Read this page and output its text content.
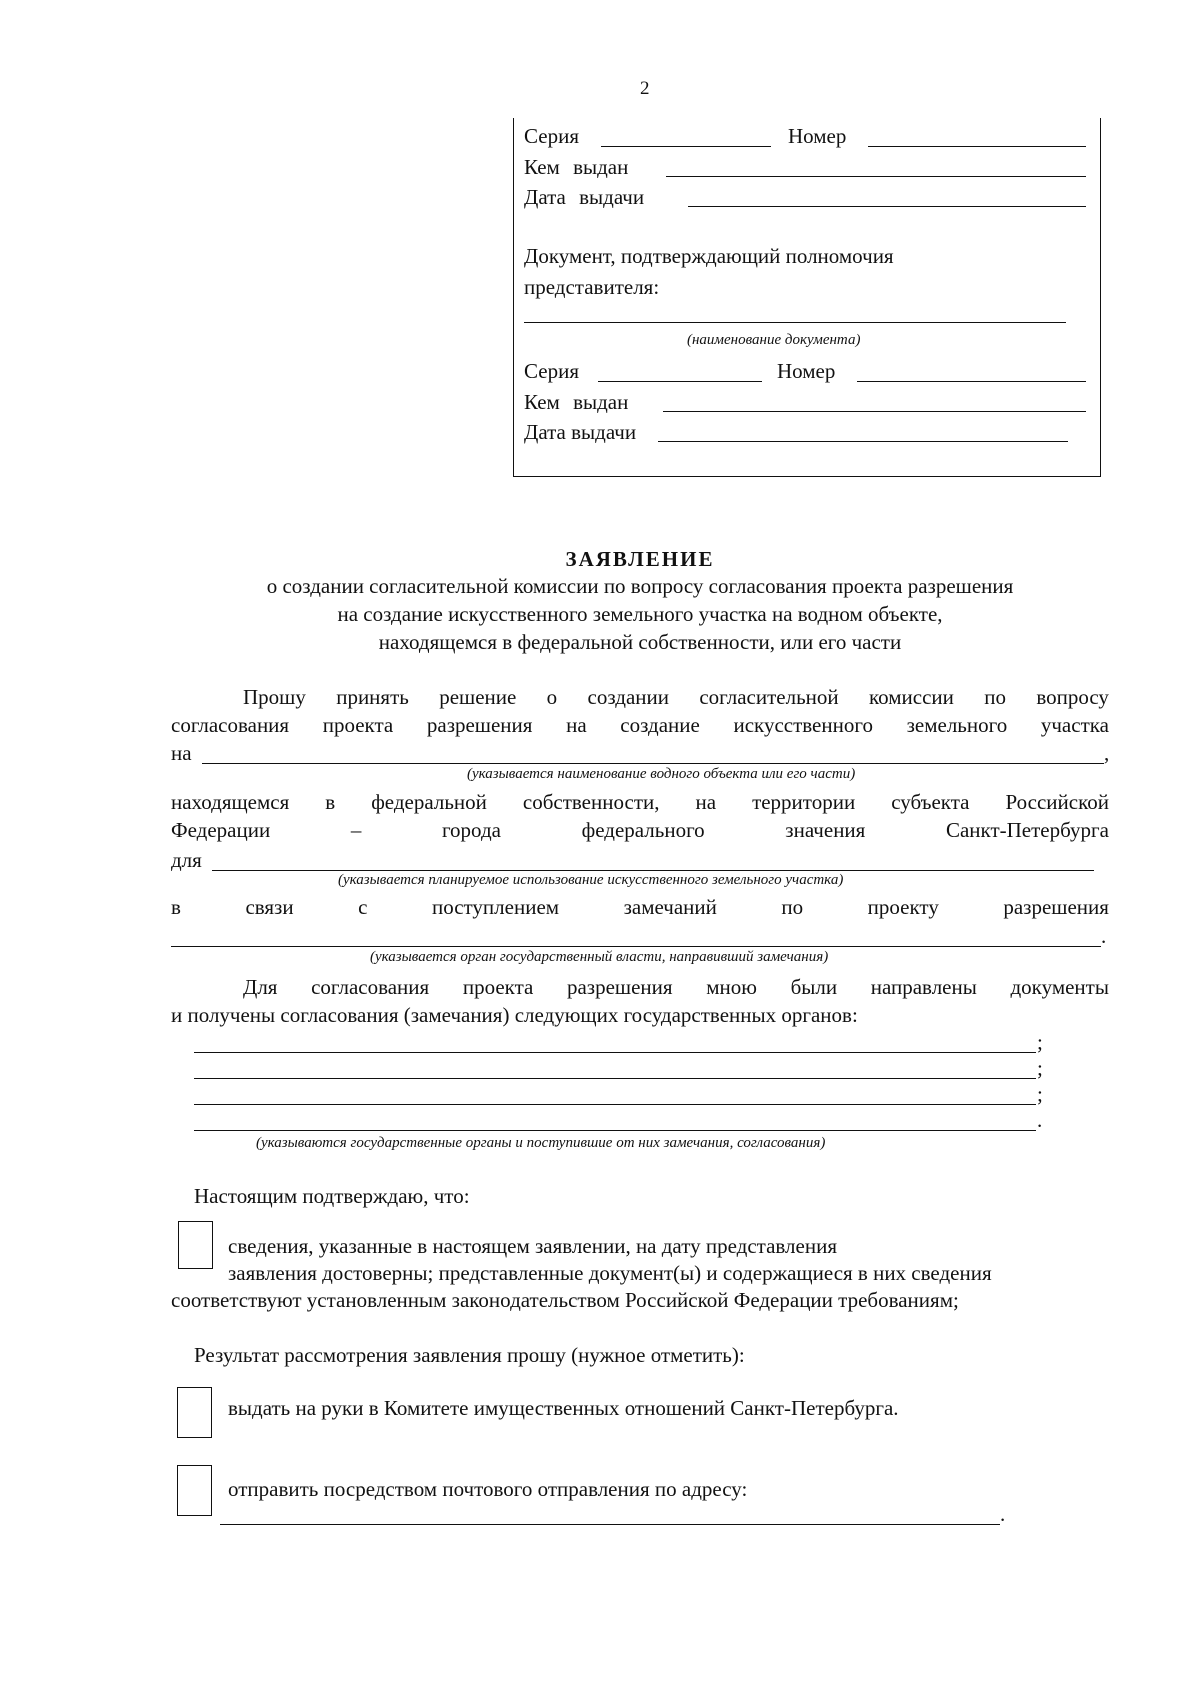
2
Серия	Номер
Кем выдан
Дата выдачи
Документ, подтверждающий полномочия
представителя:
(наименование документа)
Серия	Номер
Кем выдан
Дата выдачи
ЗАЯВЛЕНИЕ
о создании согласительной комиссии по вопросу согласования проекта разрешения
на создание искусственного земельного участка на водном объекте,
находящемся в федеральной собственности, или его части
Прошу принять решение о создании согласительной комиссии по вопросу
согласования проекта разрешения на создание искусственного земельного участка
на	,
(указывается наименование водного объекта или его части)
находящемся в федеральной собственности, на территории субъекта Российской
Федерации	–	города	федерального	значения	Санкт-Петербурга
для
(указывается планируемое использование искусственного земельного участка)
в	связи	с	поступлением	замечаний	по	проекту	разрешения
.
(указывается орган государственный власти, направивший замечания)
Для согласования проекта разрешения мною были направлены документы
и получены согласования (замечания) следующих государственных органов:
;
;
;
.
(указываются государственные органы и поступившие от них замечания, согласования)
Настоящим подтверждаю, что:
сведения, указанные в настоящем заявлении, на дату представления
заявления достоверны; представленные документ(ы) и содержащиеся в них сведения
соответствуют установленным законодательством Российской Федерации требованиям;
Результат рассмотрения заявления прошу (нужное отметить):
выдать на руки в Комитете имущественных отношений Санкт-Петербурга.
отправить посредством почтового отправления по адресу:
.
